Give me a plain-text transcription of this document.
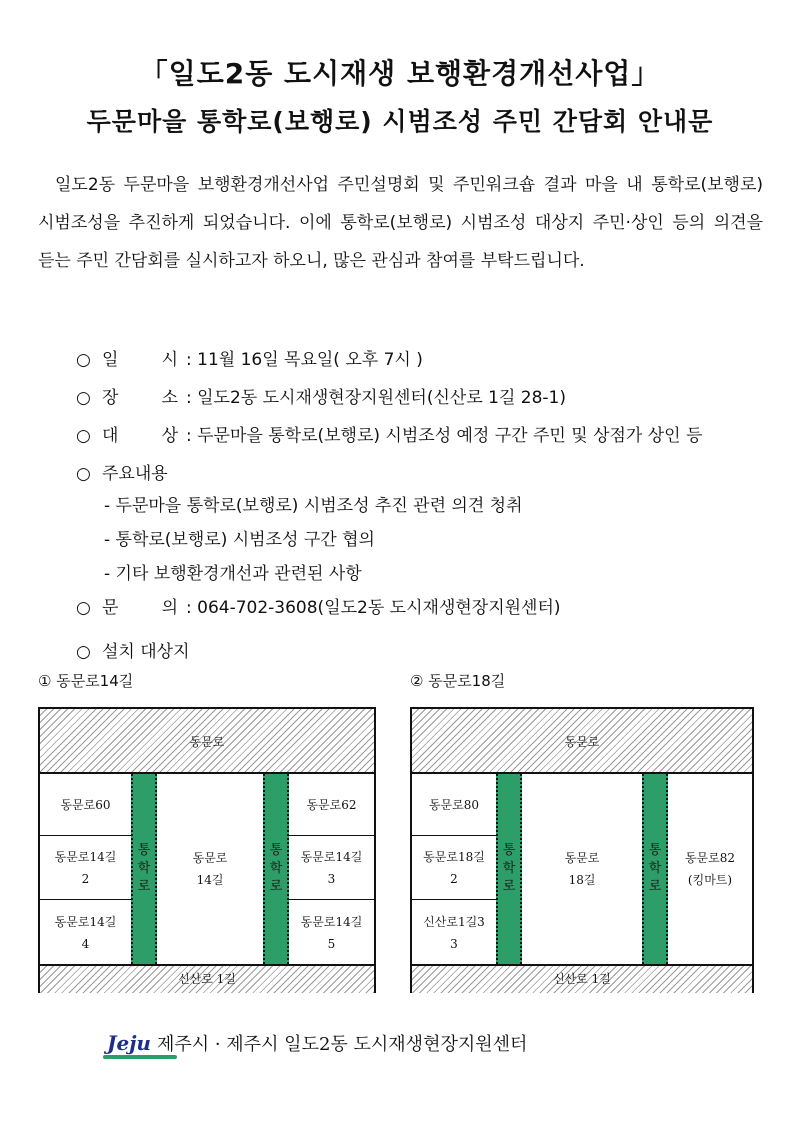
「일도2동 도시재생 보행환경개선사업」
두문마을 통학로(보행로) 시범조성 주민 간담회 안내문

일도2동 두문마을 보행환경개선사업 주민설명회 및 주민워크숍 결과 마을 내 통학로(보행로) 시범조성을 추진하게 되었습니다. 이에 통학로(보행로) 시범조성 대상지 주민·상인 등의 의견을 듣는 주민 간담회를 실시하고자 하오니, 많은 관심과 참여를 부탁드립니다.

○ 일	시 : 11월 16일 목요일( 오후 7시 )
○ 장	소 : 일도2동 도시재생현장지원센터(신산로 1길 28-1)
○ 대	상 : 두문마을 통학로(보행로) 시범조성 예정 구간 주민 및 상점가 상인 등
○ 주요내용
- 두문마을 통학로(보행로) 시범조성 추진 관련 의견 청취
- 통학로(보행로) 시범조성 구간 협의
- 기타 보행환경개선과 관련된 사항
○ 문	의 : 064-702-3608(일도2동 도시재생현장지원센터)
○ 설치 대상지
① 동문로14길
동문로
신산로 1길
동문로60
동문로14길
2
동문로14길
4
통
학
로
동문로
14길
통
학
로
동문로62
동문로14길
3
동문로14길
5
② 동문로18길
동문로
신산로 1길
동문로80
동문로18길
2
신산로1길3
3
통
학
로
동문로
18길
통
학
로
동문로82
(킹마트)
Jeju 제주시 · 제주시 일도2동 도시재생현장지원센터
